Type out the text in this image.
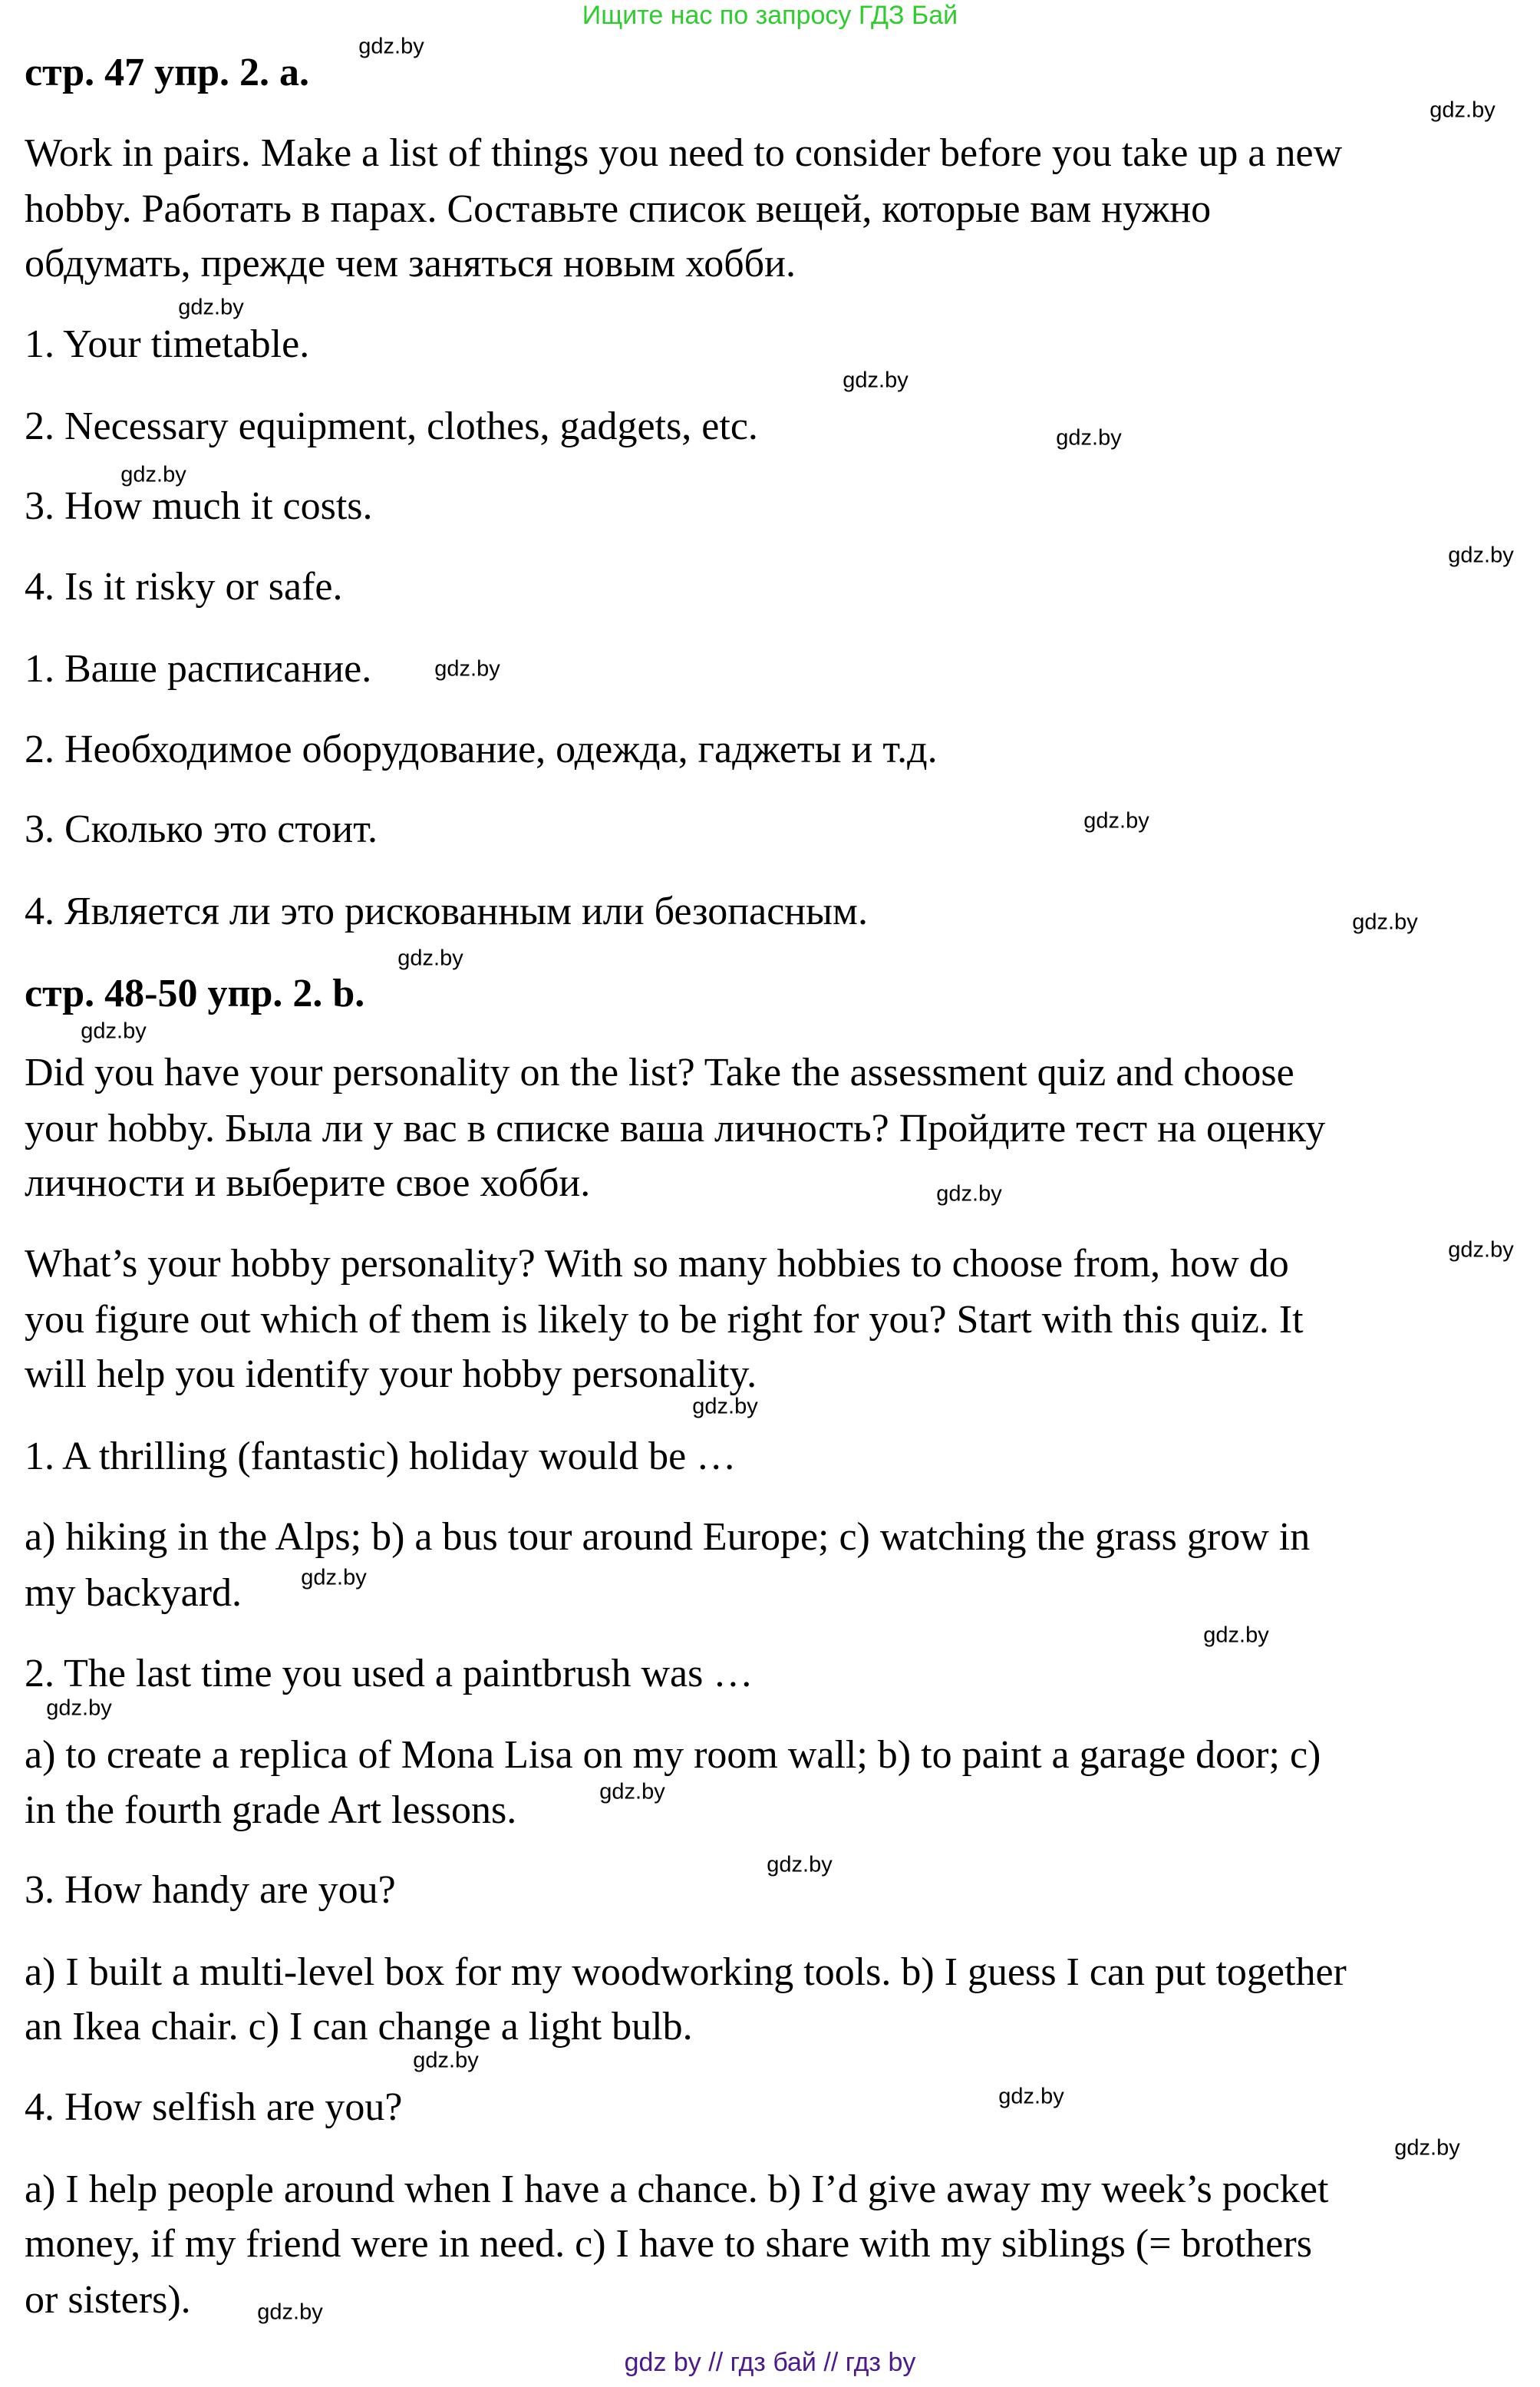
Ищите нас по запросу ГДЗ Бай
стр. 47 упр. 2. а.
Work in pairs. Make a list of things you need to consider before you take up a new
hobby. Работать в парах. Составьте список вещей, которые вам нужно
обдумать, прежде чем заняться новым хобби.
1. Your timetable.
2. Necessary equipment, clothes, gadgets, etc.
3. How much it costs.
4. Is it risky or safe.
1. Ваше расписание.
2. Необходимое оборудование, одежда, гаджеты и т.д.
3. Сколько это стоит.
4. Является ли это рискованным или безопасным.
стр. 48-50 упр. 2. b.
Did you have your personality on the list? Take the assessment quiz and choose
your hobby. Была ли у вас в списке ваша личность? Пройдите тест на оценку
личности и выберите свое хобби.
What’s your hobby personality? With so many hobbies to choose from, how do
you figure out which of them is likely to be right for you? Start with this quiz. It
will help you identify your hobby personality.
1. A thrilling (fantastic) holiday would be …
a) hiking in the Alps; b) a bus tour around Europe; c) watching the grass grow in
my backyard.
2. The last time you used a paintbrush was …
a) to create a replica of Mona Lisa on my room wall; b) to paint a garage door; c)
in the fourth grade Art lessons.
3. How handy are you?
a) I built a multi-level box for my woodworking tools. b) I guess I can put together
an Ikea chair. c) I can change a light bulb.
4. How selfish are you?
a) I help people around when I have a chance. b) I’d give away my week’s pocket
money, if my friend were in need. c) I have to share with my siblings (= brothers
or sisters).
gdz.by
gdz.by
gdz.by
gdz.by
gdz.by
gdz.by
gdz.by
gdz.by
gdz.by
gdz.by
gdz.by
gdz.by
gdz.by
gdz.by
gdz.by
gdz.by
gdz.by
gdz.by
gdz.by
gdz.by
gdz.by
gdz.by
gdz.by
gdz.by
gdz by // гдз бай // гдз by
